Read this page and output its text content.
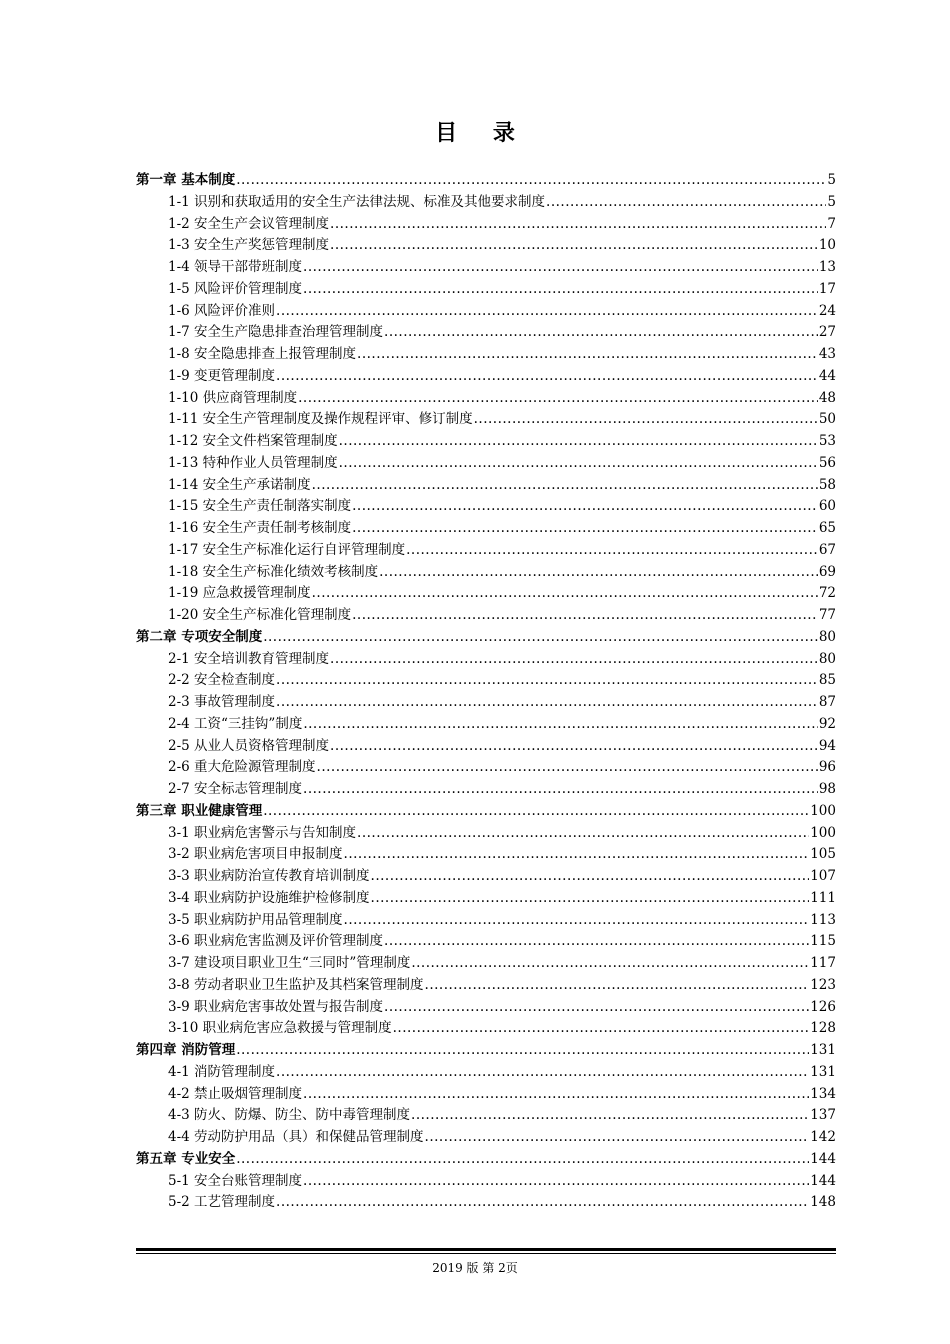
目 录
第一章 基本制度 .....	5
1-1 识别和获取适用的安全生产法律法规、标准及其他要求制度 .....	5
1-2 安全生产会议管理制度 .....	7
1-3 安全生产奖惩管理制度 .....	10
1-4 领导干部带班制度 .....	13
1-5 风险评价管理制度 .....	17
1-6 风险评价准则 .....	24
1-7 安全生产隐患排查治理管理制度 .....	27
1-8 安全隐患排查上报管理制度 .....	43
1-9 变更管理制度 .....	44
1-10 供应商管理制度 .....	48
1-11 安全生产管理制度及操作规程评审、修订制度 .....	50
1-12 安全文件档案管理制度 .....	53
1-13 特种作业人员管理制度 .....	56
1-14 安全生产承诺制度 .....	58
1-15 安全生产责任制落实制度 .....	60
1-16 安全生产责任制考核制度 .....	65
1-17 安全生产标准化运行自评管理制度 .....	67
1-18 安全生产标准化绩效考核制度 .....	69
1-19 应急救援管理制度 .....	72
1-20 安全生产标准化管理制度 .....	77
第二章 专项安全制度 .....	80
2-1 安全培训教育管理制度 .....	80
2-2 安全检查制度 .....	85
2-3 事故管理制度 .....	87
2-4 工资“三挂钩”制度 .....	92
2-5 从业人员资格管理制度 .....	94
2-6 重大危险源管理制度 .....	96
2-7 安全标志管理制度 .....	98
第三章 职业健康管理 .....	100
3-1 职业病危害警示与告知制度 .....	100
3-2 职业病危害项目申报制度 .....	105
3-3 职业病防治宣传教育培训制度 .....	107
3-4 职业病防护设施维护检修制度 .....	111
3-5 职业病防护用品管理制度 .....	113
3-6 职业病危害监测及评价管理制度 .....	115
3-7 建设项目职业卫生“三同时”管理制度 .....	117
3-8 劳动者职业卫生监护及其档案管理制度 .....	123
3-9 职业病危害事故处置与报告制度 .....	126
3-10 职业病危害应急救援与管理制度 .....	128
第四章 消防管理 .....	131
4-1 消防管理制度 .....	131
4-2 禁止吸烟管理制度 .....	134
4-3 防火、防爆、防尘、防中毒管理制度 .....	137
4-4 劳动防护用品（具）和保健品管理制度 .....	142
第五章 专业安全 .....	144
5-1 安全台账管理制度 .....	144
5-2 工艺管理制度 .....	148
2019 版 第 2页
